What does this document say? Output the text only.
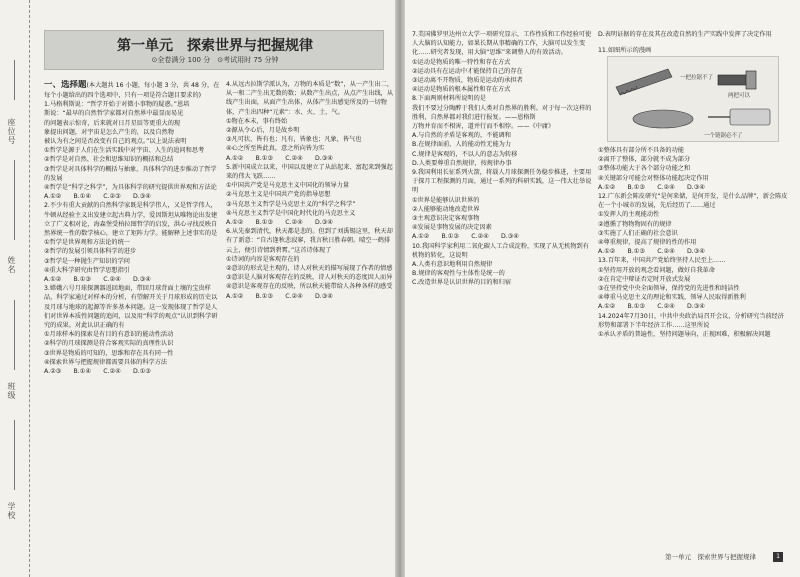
座位号
姓名
班级
学校
第一单元　探索世界与把握规律
⊙全卷满分 100 分　⊙考试用时 75 分钟

一、选择题(本大题共 16 小题，每小题 3 分，共 48 分，在每个小题给出的四个选项中，只有一项是符合题目要求的)

1.马格利斯说：“哲学开始于对微小事物的疑惑。”恩培

斯说：“最早的自然哲学家都对自然界中最显而易见

的问题表示惊奇，后来就对日月星辰等更重大的现

象提出问题，对宇宙是怎么产生的，以及自然物

被认为有之间是否改变有自己的观点。”以上说法表明

①哲学是源于人们在生活实践中对宇宙、人生的追问和思考

②哲学是对自然、社会和思维知识的概括和总结

③哲学是对具体科学的概括与抽象，具体科学的进步推动了哲学的发展

④哲学是“科学之科学”，为具体科学的研究提供世界观和方法论

A.①②　　B.①④　　C.②③　　D.③④

2.不少有重大贡献的自然科学家既是科学伟人，又是哲学伟人，牛顿从经验主义出发建立起古典力学，爱因斯坦从唯物论出发建立了广义相对论，海森堡受柏拉图哲学的启发，洪心寻找反映自然界统一性的数学核心，建立了矩阵力学。能解释上述事实的是

①哲学是世界观和方法论的统一

②哲学的发展引领具体科学的进步

③哲学是一种抛生产知识的学问

④重大科学研究由哲学思想指引

A.①②　　B.①③　　C.②④　　D.③④

3.嫦娥六号月球探测器返回地面，带回月球背面土壤的宝贵样品，科学家通过对样本的分析，有望解开关于月球形成的历史以及月球与地球的起源等许多基本问题。这一发现体现了哲学是人们对世界本质性问题的追问，以及用“科学的观点”认识到科学研究的成果。对此认识正确的有

①月球样本的探索是有目的有意识的能动性活动

②科学的月球探测是符合客观实际的真理性认识

③世界是物质的可知的，思维和存在具有同一性

④探索世界与把握规律都需要具体的科学方法

A.②③　　B.①④　　C.②④　　D.①③

4.从远古拉斯学派认为，万物的本质是“数”，从一产生出二，从一和二产生出无数的数；从数产生出点，从点产生出线，从线产生出面，从面产生出体，从体产生出感觉所及的一切物体，产生出四种“元素”：水、火、土、气。

①物在本末，事有终始

②源从令心后，月是故乡明

③凡可状，皆有也；凡有，皆象也；凡象，皆气也

④心之所至皆此真，意之所向皆为实

A.①②　　B.①③　　C.②④　　D.③④

5.新中国成立以来，中国以及建立了从站起来、富起来到强起来的伟大飞跃……

①中国共产党是马克思主义中国化的领导力量

②马克思主义是中国共产党的指导思想

③马克思主义哲学是马克思主义的“科学之科学”

④马克思主义哲学是中国化时代化的马克思主义

A.①②　　B.①③　　C.②④　　D.③④

6.从先秦到清代，秋天都是悲的。但到了刘禹锡这里，秋天却有了新意：“自古逢秋悲寂寥，我言秋日胜春朝。晴空一鹤排云上，便引诗情到碧霄。”这首诗体现了

①诗词的内容是客观存在的

②意识的形式是主观的，诗人对秋天的描写展现了作者的情感

③意识是人脑对客观存在的反映，诗人对秋天的态度因人而异

④意识是客观存在的反映，所以秋天能带给人各种各样的感受

A.①②　　B.①③　　C.②④　　D.③④

7.美国佛罗里达州立大学一项研究显示，工作性质和工作经验可使人大脑的认知能力，如果长期从事精确的工作，大脑可以发生变化……研究者发现，用大脑“思维”来调整人的有效活动。

①运动是物质的唯一特性和存在方式

②运动具有在运动中才能保持自己的存在

③运动离不开物质，物质是运动的承担者

④运动是物质的根本属性和存在方式

8.下面两则材料所说明的是

我们不要过分陶醉于我们人类对自然界的胜利。对于每一次这样的胜利，自然界都对我们进行报复。——恩格斯

万物并育而不相害，道并行而不相悖。——《中庸》

A.与自然的矛盾是客观的，不能调和

B.在规律面前，人的能动性无能为力

C.规律是客观的，不以人的意志为转移

D.人类要尊重自然规律，按规律办事

9.我国利用长征系列火箭，将载人月球探测任务稳步推进，主要用于探月工程探测的月面，通过一系列的科研实践，这一伟大壮举说明

①世界是能够认识世界的

②人能够能动地改造世界

③主观意识决定客观事物

④发展是事物发展的决定因素

A.①②　　B.①③　　C.②④　　D.③④

10.我国科学家利用二氧化碳人工合成淀粉，实现了从无机物到有机物的转化，这说明

A.人类有意识地利用自然规律

B.规律的客观性与主体性是统一的

C.改造世界是认识世界的目的和归宿

D.表明证据的存在及其在改造自然的生产实践中发挥了决定作用

11.如图所示的漫画

一把拉锯不了
两把可以
一个链锯必不了

①整体具有部分所不具备的功能

②离开了整体，部分就不成为部分

③整体功能大于各个部分功能之和

④关键部分可能会对整体功能起决定作用

A.①②　　B.①③　　C.②④　　D.③④

12.广东新会陈皮研究“是何来储，是何开发，是什么品牌”，新会陈皮在一个小城市的发展，先后经历了……通过

①发挥人的主观能动性

②遵循了物物物固有的规律

③实施了人们正确的社会意识

④尊重规律，提高了规律的性的作用

A.①②　　B.①③　　C.②④　　D.③④

13.百年来，中国共产党始终坚持人民至上……

①坚持用开放的观念看问题，做好自我革命

②在肯定中辩证否定时开放式发展

③在坚持党中央全面领导，保持党的先进性和纯洁性

④尊重马克思主义的理论和实践，领导人民取得新胜利

A.①②　　B.①③　　C.②④　　D.③④

14.2024年7月30日，中共中央政治局召开会议，分析研究当前经济形势和部署下半年经济工作……这里所说

①承认矛盾的普遍性，坚持问题导向，正视困难，积极解决问题

第一单元　探索世界与把握规律	1
